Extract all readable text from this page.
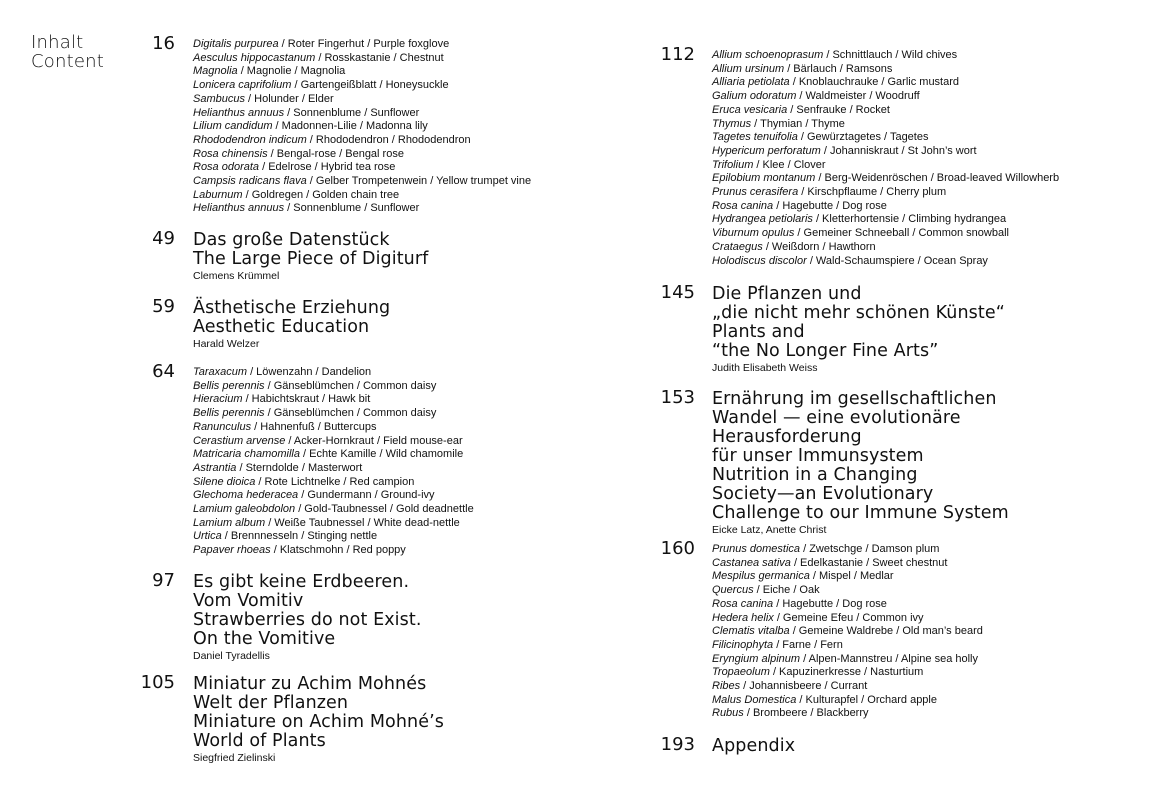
Inhalt
Content
16 Digitalis purpurea / Roter Fingerhut / Purple foxglove
Aesculus hippocastanum / Rosskastanie / Chestnut
Magnolia / Magnolie / Magnolia
Lonicera caprifolium / Gartengeißblatt / Honeysuckle
Sambucus / Holunder / Elder
Helianthus annuus / Sonnenblume / Sunflower
Lilium candidum / Madonnen-Lilie / Madonna lily
Rhododendron indicum / Rhododendron / Rhododendron
Rosa chinensis / Bengal-rose / Bengal rose
Rosa odorata / Edelrose / Hybrid tea rose
Campsis radicans flava / Gelber Trompetenwein / Yellow trumpet vine
Laburnum / Goldregen / Golden chain tree
Helianthus annuus / Sonnenblume / Sunflower
49 Das große Datenstück
The Large Piece of Digiturf
Clemens Krümmel
59 Ästhetische Erziehung
Aesthetic Education
Harald Welzer
64 Taraxacum / Löwenzahn / Dandelion
Bellis perennis / Gänseblümchen / Common daisy
Hieracium / Habichtskraut / Hawk bit
Bellis perennis / Gänseblümchen / Common daisy
Ranunculus / Hahnenfuß / Buttercups
Cerastium arvense / Acker-Hornkraut / Field mouse-ear
Matricaria chamomilla / Echte Kamille / Wild chamomile
Astrantia / Sterndolde / Masterwort
Silene dioica / Rote Lichtnelke / Red campion
Glechoma hederacea / Gundermann / Ground-ivy
Lamium galeobdolon / Gold-Taubnessel / Gold deadnettle
Lamium album / Weiße Taubnessel / White dead-nettle
Urtica / Brennnesseln / Stinging nettle
Papaver rhoeas / Klatschmohn / Red poppy
97 Es gibt keine Erdbeeren.
Vom Vomitiv
Strawberries do not Exist.
On the Vomitive
Daniel Tyradellis
105 Miniatur zu Achim Mohnés
Welt der Pflanzen
Miniature on Achim Mohné’s
World of Plants
Siegfried Zielinski
112 Allium schoenoprasum / Schnittlauch / Wild chives
Allium ursinum / Bärlauch / Ramsons
Alliaria petiolata / Knoblauchrauke / Garlic mustard
Galium odoratum / Waldmeister / Woodruff
Eruca vesicaria / Senfrauke / Rocket
Thymus / Thymian / Thyme
Tagetes tenuifolia / Gewürztagetes / Tagetes
Hypericum perforatum / Johanniskraut / St John’s wort
Trifolium / Klee / Clover
Epilobium montanum / Berg-Weidenröschen / Broad-leaved Willowherb
Prunus cerasifera / Kirschpflaume / Cherry plum
Rosa canina / Hagebutte / Dog rose
Hydrangea petiolaris / Kletterhortensie / Climbing hydrangea
Viburnum opulus / Gemeiner Schneeball / Common snowball
Crataegus / Weißdorn / Hawthorn
Holodiscus discolor / Wald-Schaumspiere / Ocean Spray
145 Die Pflanzen und
„die nicht mehr schönen Künste“
Plants and
“the No Longer Fine Arts”
Judith Elisabeth Weiss
153 Ernährung im gesellschaftlichen
Wandel — eine evolutionäre
Herausforderung
für unser Immunsystem
Nutrition in a Changing
Society—an Evolutionary
Challenge to our Immune System
Eicke Latz, Anette Christ
160 Prunus domestica / Zwetschge / Damson plum
Castanea sativa / Edelkastanie / Sweet chestnut
Mespilus germanica / Mispel / Medlar
Quercus / Eiche / Oak
Rosa canina / Hagebutte / Dog rose
Hedera helix / Gemeine Efeu / Common ivy
Clematis vitalba / Gemeine Waldrebe / Old man’s beard
Filicinophyta / Farne / Fern
Eryngium alpinum / Alpen-Mannstreu / Alpine sea holly
Tropaeolum / Kapuzinerkresse / Nasturtium
Ribes / Johannisbeere / Currant
Malus Domestica / Kulturapfel / Orchard apple
Rubus / Brombeere / Blackberry
193 Appendix
